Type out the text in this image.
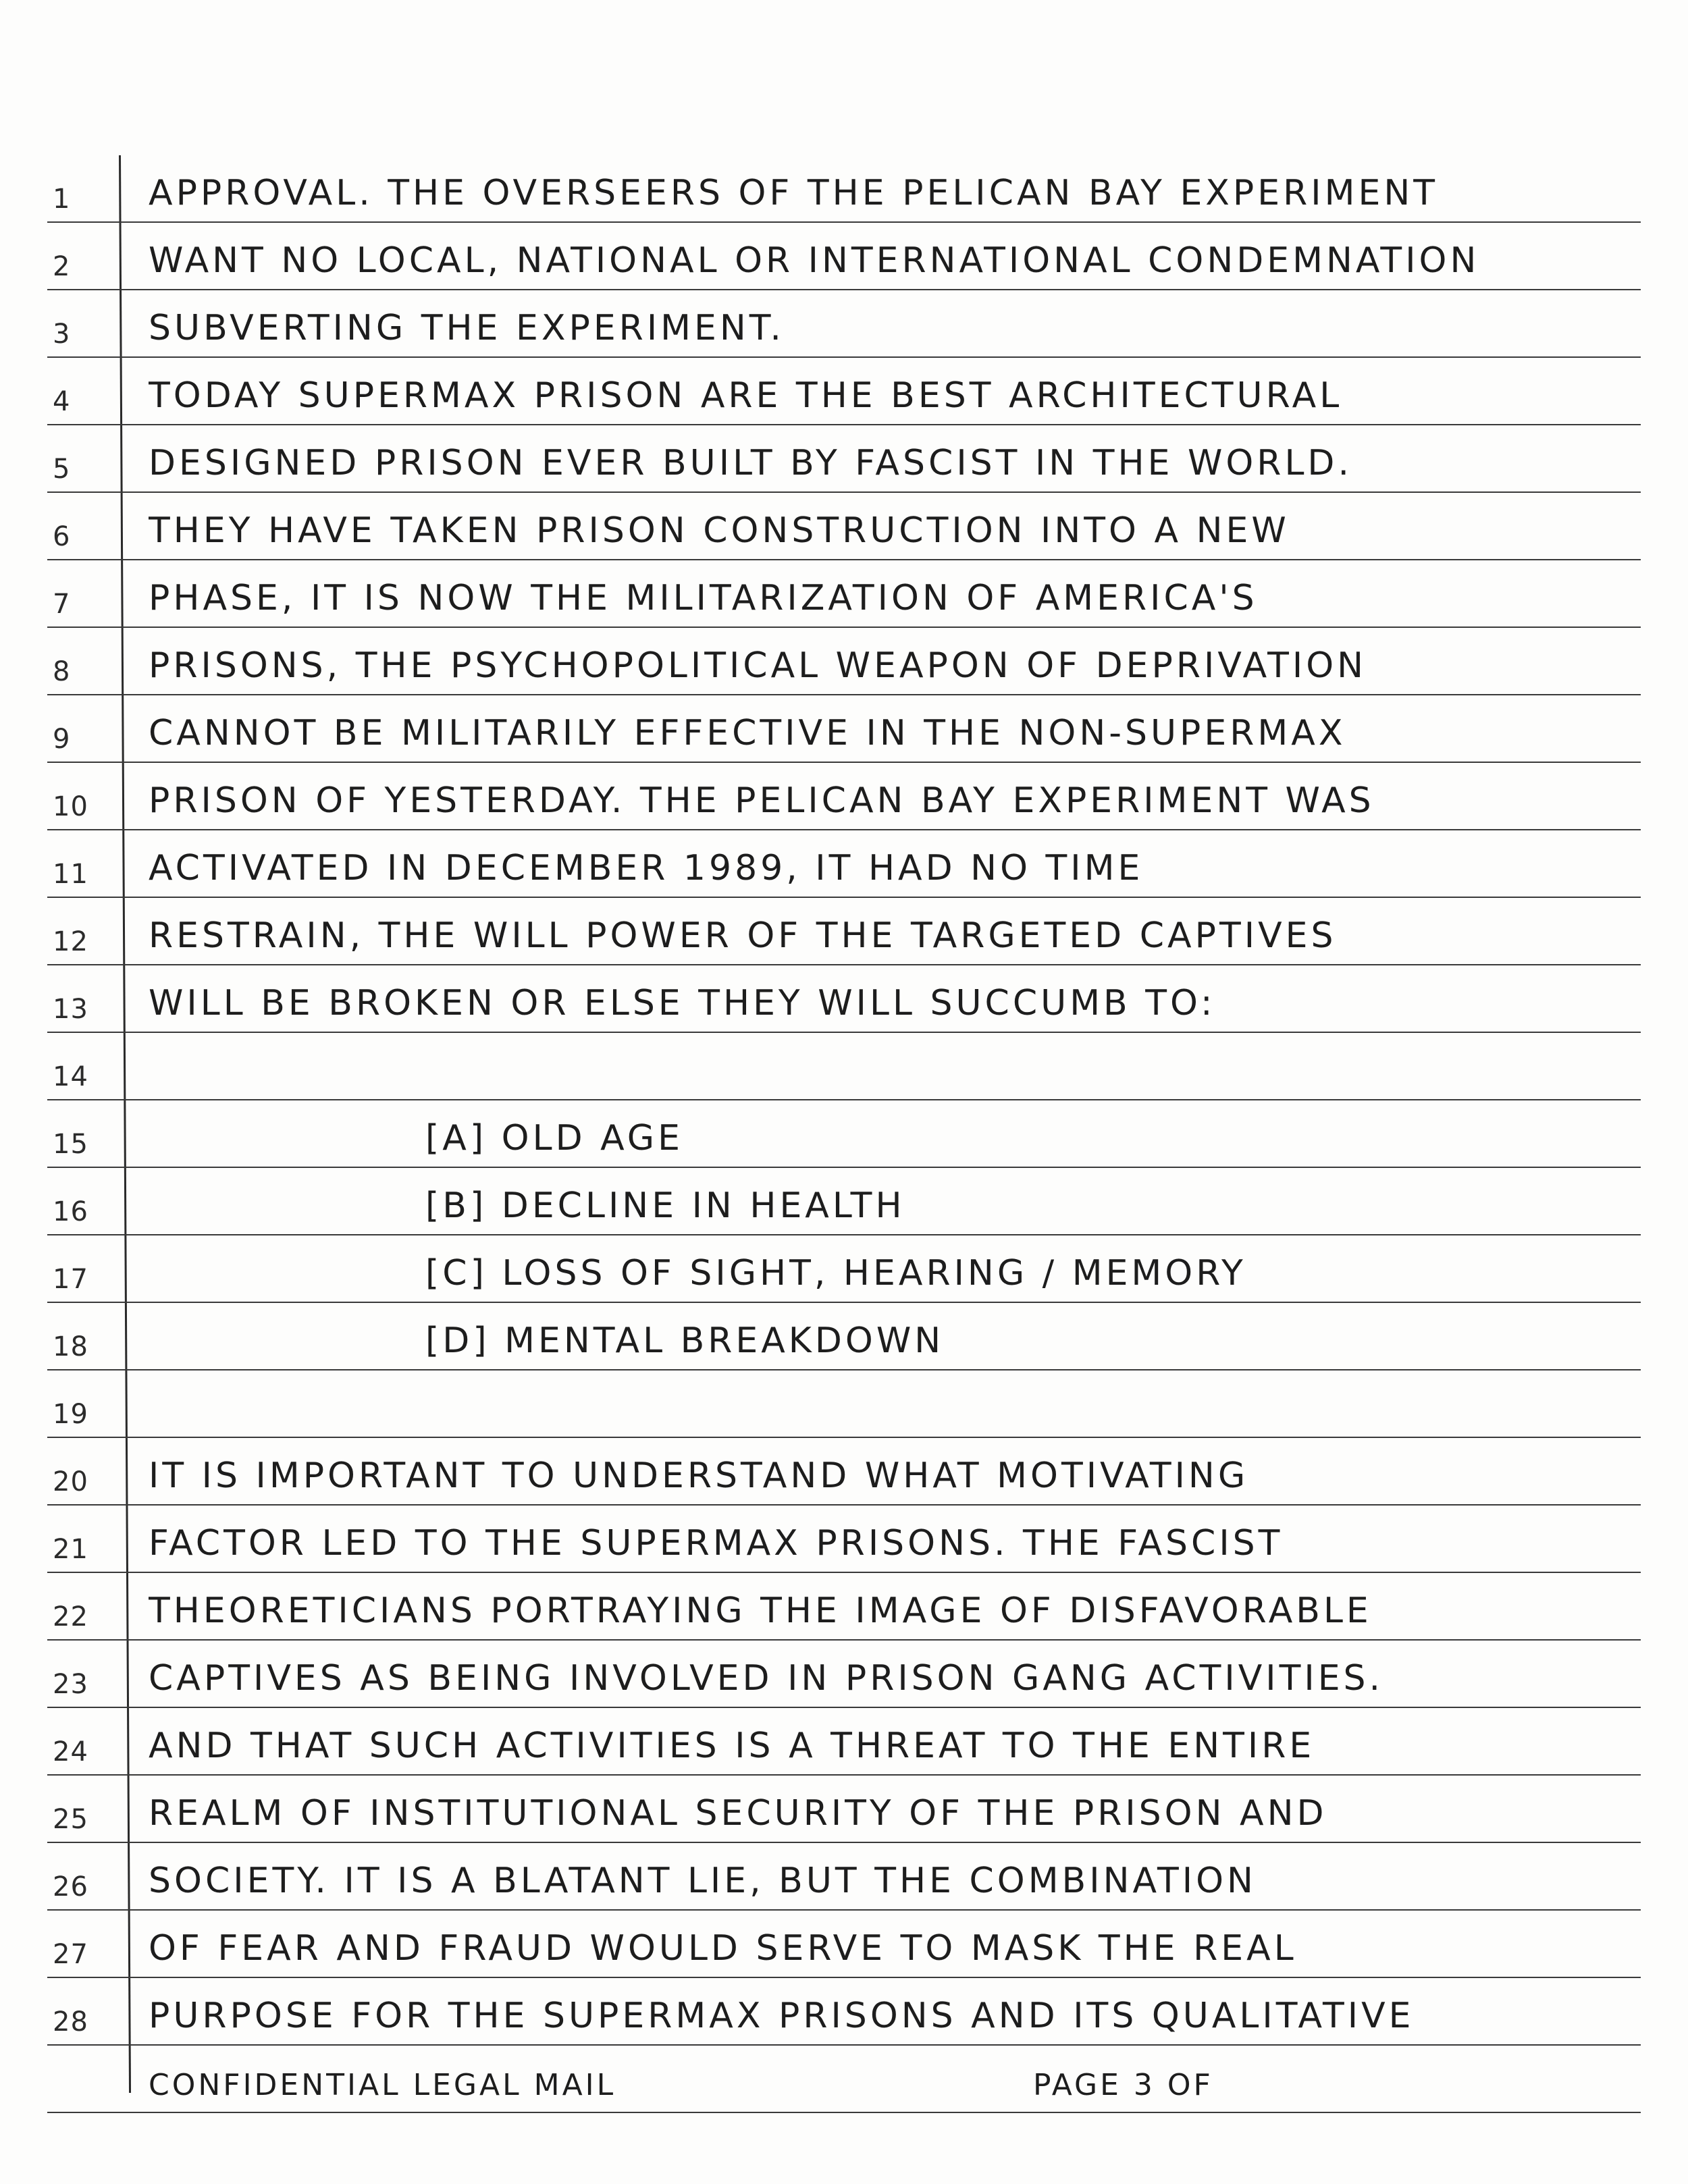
1	APPROVAL. THE OVERSEERS OF THE PELICAN BAY EXPERIMENT
2	WANT NO LOCAL, NATIONAL OR INTERNATIONAL CONDEMNATION
3	SUBVERTING THE EXPERIMENT.
4	TODAY SUPERMAX PRISON ARE THE BEST ARCHITECTURAL
5	DESIGNED PRISON EVER BUILT BY FASCIST IN THE WORLD.
6	THEY HAVE TAKEN PRISON CONSTRUCTION INTO A NEW
7	PHASE, IT IS NOW THE MILITARIZATION OF AMERICA'S
8	PRISONS, THE PSYCHOPOLITICAL WEAPON OF DEPRIVATION
9	CANNOT BE MILITARILY EFFECTIVE IN THE NON-SUPERMAX
10	PRISON OF YESTERDAY. THE PELICAN BAY EXPERIMENT WAS
11	ACTIVATED IN DECEMBER 1989, IT HAD NO TIME
12	RESTRAIN, THE WILL POWER OF THE TARGETED CAPTIVES
13	WILL BE BROKEN OR ELSE THEY WILL SUCCUMB TO:
14
15	[A] OLD AGE
16	[B] DECLINE IN HEALTH
17	[C] LOSS OF SIGHT, HEARING / MEMORY
18	[D] MENTAL BREAKDOWN
19
20	IT IS IMPORTANT TO UNDERSTAND WHAT MOTIVATING
21	FACTOR LED TO THE SUPERMAX PRISONS. THE FASCIST
22	THEORETICIANS PORTRAYING THE IMAGE OF DISFAVORABLE
23	CAPTIVES AS BEING INVOLVED IN PRISON GANG ACTIVITIES.
24	AND THAT SUCH ACTIVITIES IS A THREAT TO THE ENTIRE
25	REALM OF INSTITUTIONAL SECURITY OF THE PRISON AND
26	SOCIETY. IT IS A BLATANT LIE, BUT THE COMBINATION
27	OF FEAR AND FRAUD WOULD SERVE TO MASK THE REAL
28	PURPOSE FOR THE SUPERMAX PRISONS AND ITS QUALITATIVE
CONFIDENTIAL LEGAL MAIL	PAGE 3 OF
